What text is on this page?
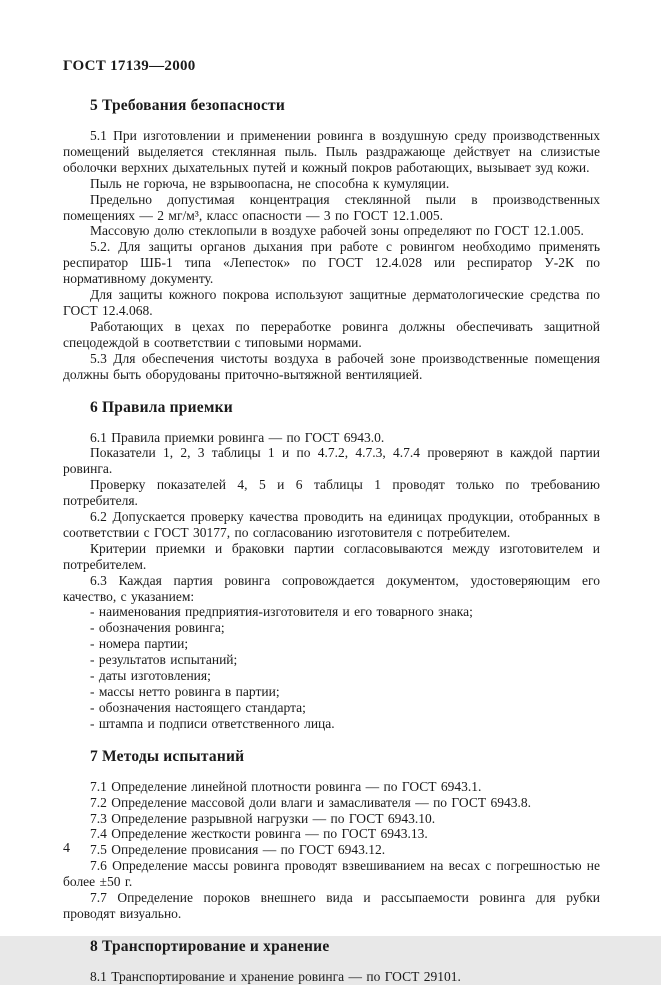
ГОСТ 17139—2000
5 Требования безопасности

5.1 При изготовлении и применении ровинга в воздушную среду производственных помещений выделяется стеклянная пыль. Пыль раздражающе действует на слизистые оболочки верхних дыхательных путей и кожный покров работающих, вызывает зуд кожи.

Пыль не горюча, не взрывоопасна, не способна к кумуляции.

Предельно допустимая концентрация стеклянной пыли в производственных помещениях — 2 мг/м³, класс опасности — 3 по ГОСТ 12.1.005.

Массовую долю стеклопыли в воздухе рабочей зоны определяют по ГОСТ 12.1.005.

5.2. Для защиты органов дыхания при работе с ровингом необходимо применять респиратор ШБ-1 типа «Лепесток» по ГОСТ 12.4.028 или респиратор У-2К по нормативному документу.

Для защиты кожного покрова используют защитные дерматологические средства по ГОСТ 12.4.068.

Работающих в цехах по переработке ровинга должны обеспечивать защитной спецодеждой в соответствии с типовыми нормами.

5.3 Для обеспечения чистоты воздуха в рабочей зоне производственные помещения должны быть оборудованы приточно-вытяжной вентиляцией.

6 Правила приемки

6.1 Правила приемки ровинга — по ГОСТ 6943.0.

Показатели 1, 2, 3 таблицы 1 и по 4.7.2, 4.7.3, 4.7.4 проверяют в каждой партии ровинга.

Проверку показателей 4, 5 и 6 таблицы 1 проводят только по требованию потребителя.

6.2 Допускается проверку качества проводить на единицах продукции, отобранных в соответствии с ГОСТ 30177, по согласованию изготовителя с потребителем.

Критерии приемки и браковки партии согласовываются между изготовителем и потребителем.

6.3 Каждая партия ровинга сопровождается документом, удостоверяющим его качество, с указанием:

- наименования предприятия-изготовителя и его товарного знака;

- обозначения ровинга;

- номера партии;

- результатов испытаний;

- даты изготовления;

- массы нетто ровинга в партии;

- обозначения настоящего стандарта;

- штампа и подписи ответственного лица.

7 Методы испытаний

7.1 Определение линейной плотности ровинга — по ГОСТ 6943.1.

7.2 Определение массовой доли влаги и замасливателя — по ГОСТ 6943.8.

7.3 Определение разрывной нагрузки — по ГОСТ 6943.10.

7.4 Определение жесткости ровинга — по ГОСТ 6943.13.

7.5 Определение провисания — по ГОСТ 6943.12.

7.6 Определение массы ровинга проводят взвешиванием на весах с погрешностью не более ±50 г.

7.7 Определение пороков внешнего вида и рассыпаемости ровинга для рубки проводят визуально.

8 Транспортирование и хранение

8.1 Транспортирование и хранение ровинга — по ГОСТ 29101.

4
